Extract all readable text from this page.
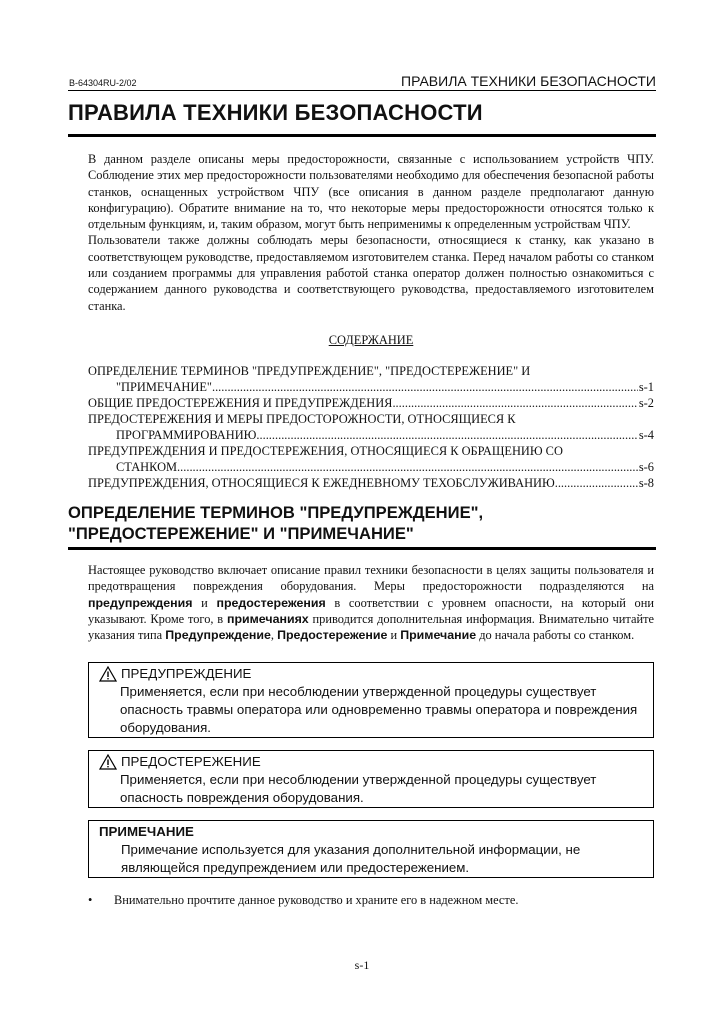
B-64304RU-2/02	ПРАВИЛА ТЕХНИКИ БЕЗОПАСНОСТИ
ПРАВИЛА ТЕХНИКИ БЕЗОПАСНОСТИ

В данном разделе описаны меры предосторожности, связанные с использованием устройств ЧПУ. Соблюдение этих мер предосторожности пользователями необходимо для обеспечения безопасной работы станков, оснащенных устройством ЧПУ (все описания в данном разделе предполагают данную конфигурацию). Обратите внимание на то, что некоторые меры предосторожности относятся только к отдельным функциям, и, таким образом, могут быть неприменимы к определенным устройствам ЧПУ.

Пользователи также должны соблюдать меры безопасности, относящиеся к станку, как указано в соответствующем руководстве, предоставляемом изготовителем станка. Перед началом работы со станком или созданием программы для управления работой станка оператор должен полностью ознакомиться с содержанием данного руководства и соответствующего руководства, предоставляемого изготовителем станка.

СОДЕРЖАНИЕ
ОПРЕДЕЛЕНИЕ ТЕРМИНОВ "ПРЕДУПРЕЖДЕНИЕ", "ПРЕДОСТЕРЕЖЕНИЕ" И
"ПРИМЕЧАНИЕ" .....	s-1
ОБЩИЕ ПРЕДОСТЕРЕЖЕНИЯ И ПРЕДУПРЕЖДЕНИЯ .....	s-2
ПРЕДОСТЕРЕЖЕНИЯ И МЕРЫ ПРЕДОСТОРОЖНОСТИ, ОТНОСЯЩИЕСЯ К
ПРОГРАММИРОВАНИЮ .....	s-4
ПРЕДУПРЕЖДЕНИЯ И ПРЕДОСТЕРЕЖЕНИЯ, ОТНОСЯЩИЕСЯ К ОБРАЩЕНИЮ СО
СТАНКОМ .....	s-6
ПРЕДУПРЕЖДЕНИЯ, ОТНОСЯЩИЕСЯ К ЕЖЕДНЕВНОМУ ТЕХОБСЛУЖИВАНИЮ .....	s-8
ОПРЕДЕЛЕНИЕ ТЕРМИНОВ "ПРЕДУПРЕЖДЕНИЕ",
"ПРЕДОСТЕРЕЖЕНИЕ" И "ПРИМЕЧАНИЕ"

Настоящее руководство включает описание правил техники безопасности в целях защиты пользователя и предотвращения повреждения оборудования. Меры предосторожности подразделяются на предупреждения и предостережения в соответствии с уровнем опасности, на который они указывают. Кроме того, в примечаниях приводится дополнительная информация. Внимательно читайте указания типа Предупреждение, Предостережение и Примечание до начала работы со станком.

ПРЕДУПРЕЖДЕНИЕ
Применяется, если при несоблюдении утвержденной процедуры существует опасность травмы оператора или одновременно травмы оператора и повреждения оборудования.
ПРЕДОСТЕРЕЖЕНИЕ
Применяется, если при несоблюдении утвержденной процедуры существует опасность повреждения оборудования.
ПРИМЕЧАНИЕ
Примечание используется для указания дополнительной информации, не являющейся предупреждением или предостережением.
• Внимательно прочтите данное руководство и храните его в надежном месте.
s-1
